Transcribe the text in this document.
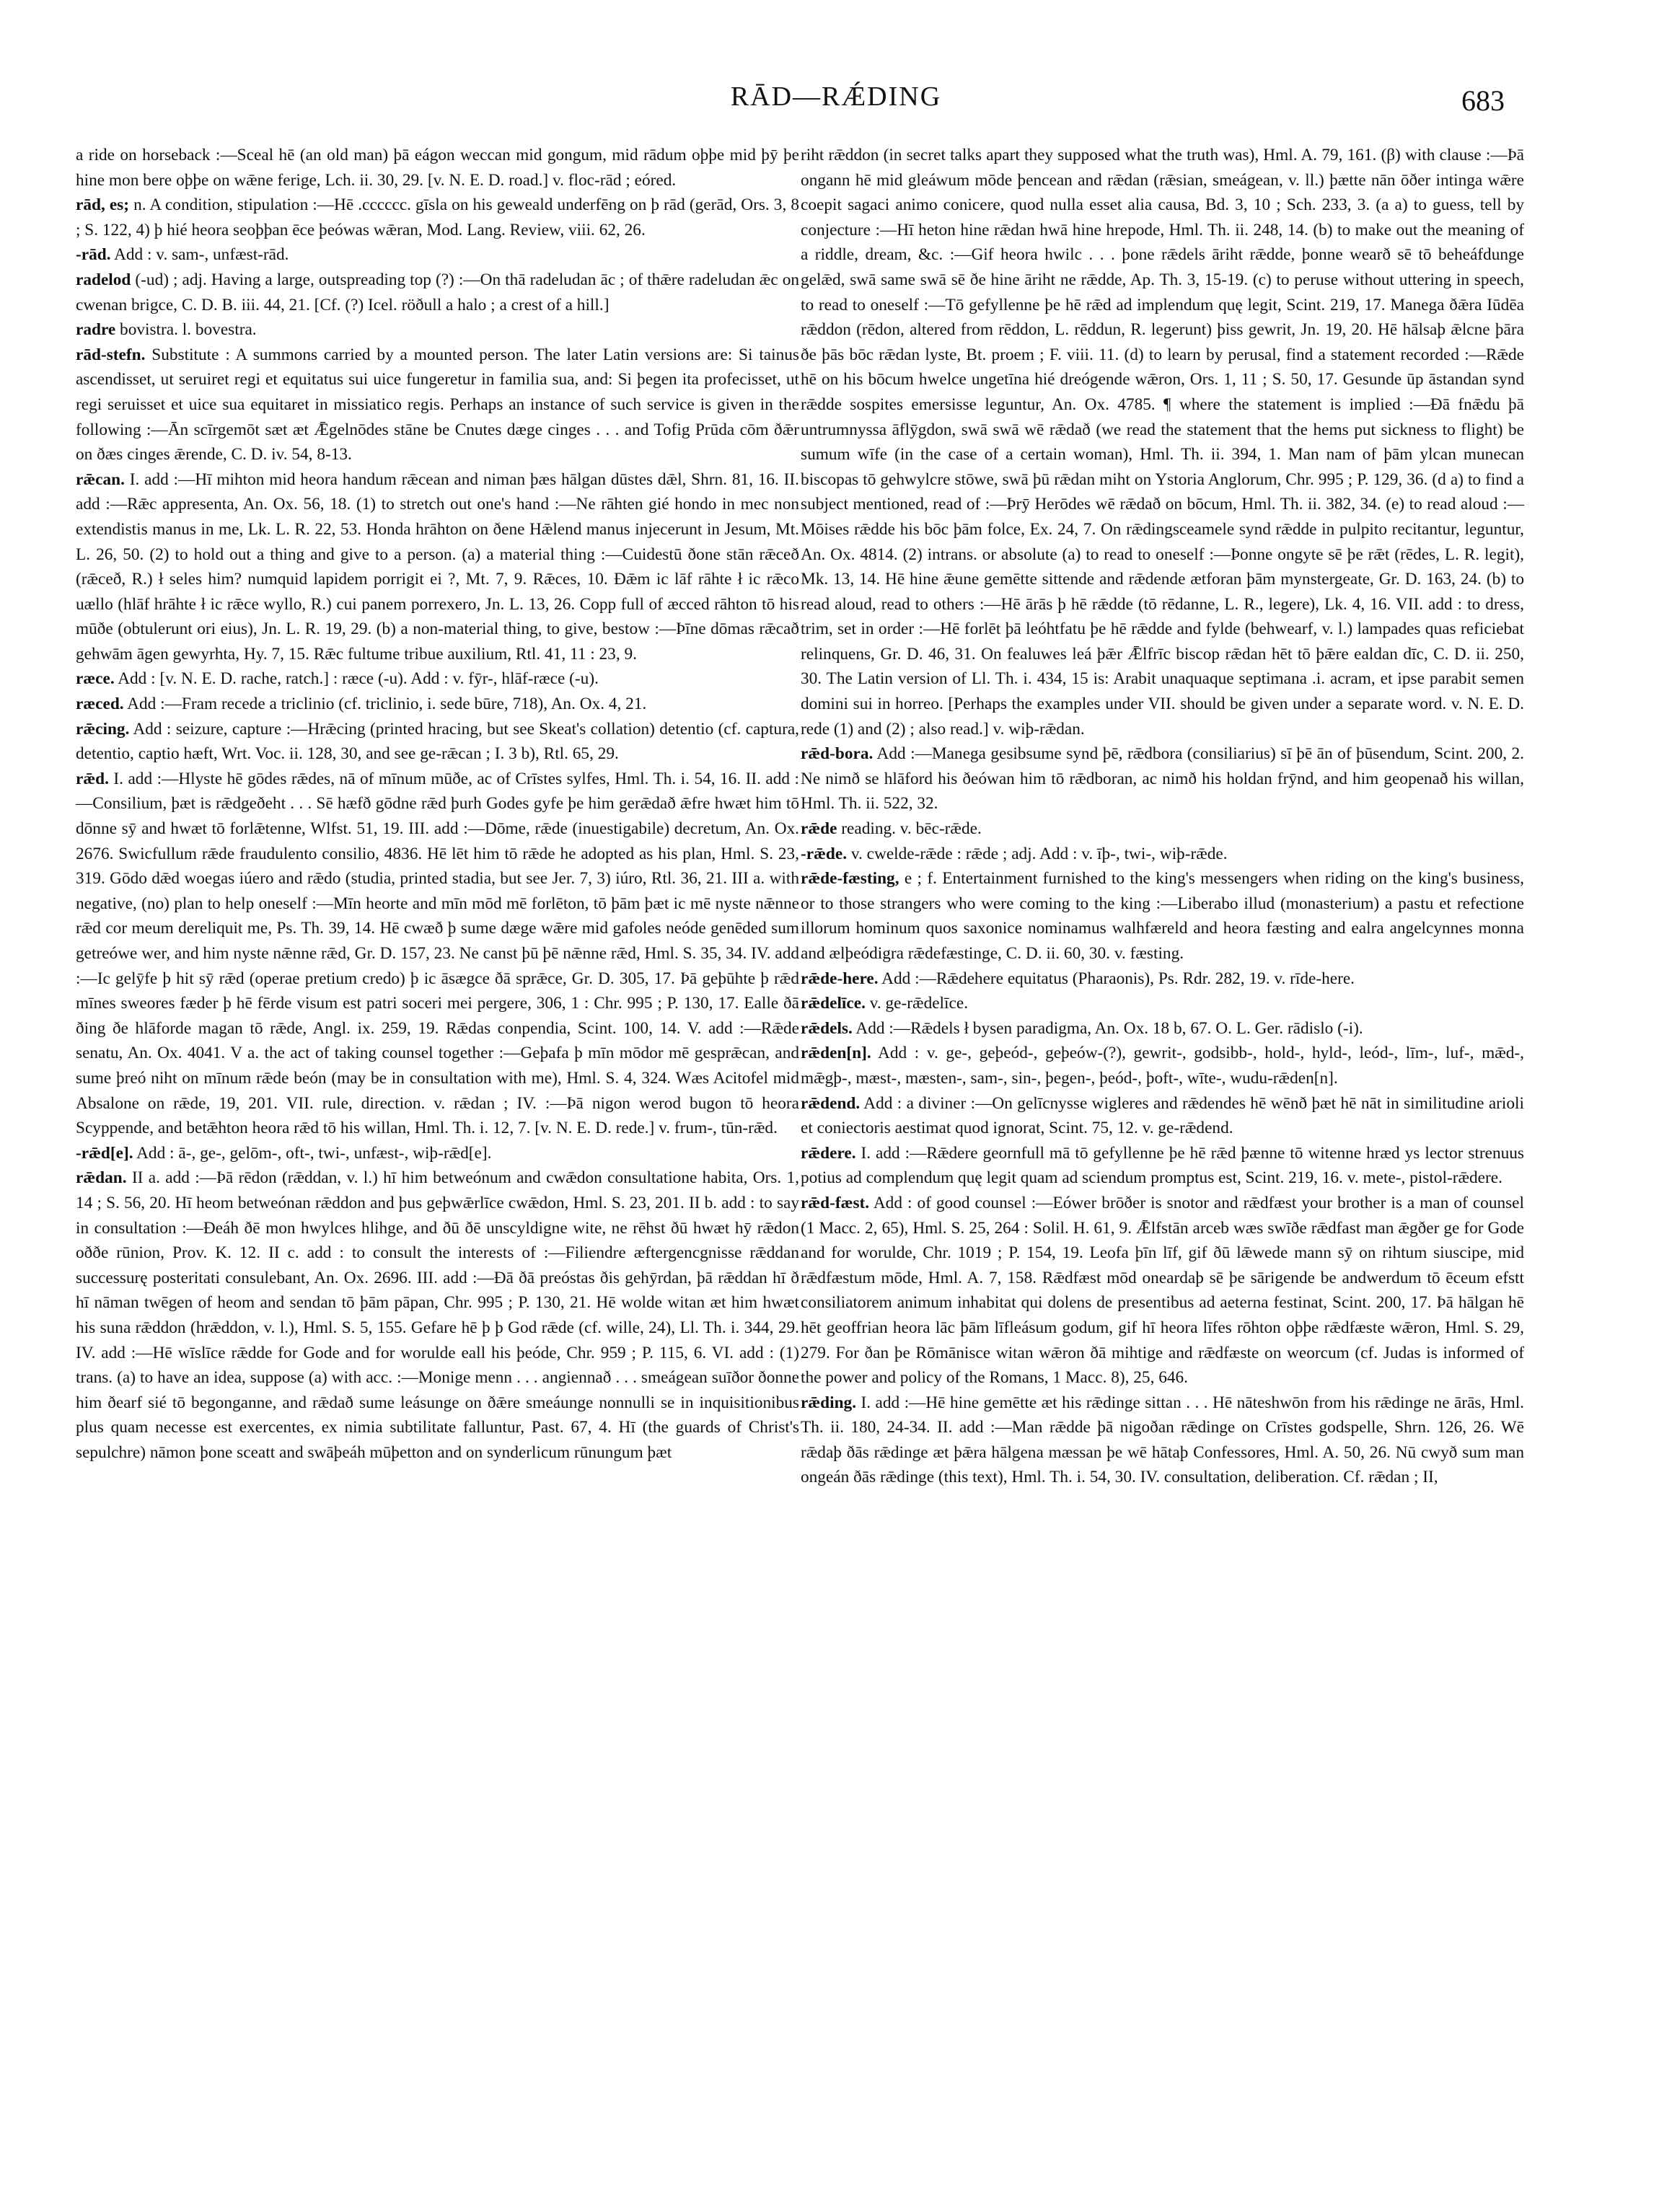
RĀD—RǼDING	683

a ride on horseback :—Sceal hē (an old man) þā eágon weccan mid gongum, mid rādum oþþe mid þȳ þe hine mon bere oþþe on wǣne ferige, Lch. ii. 30, 29. [v. N. E. D. road.] v. floc-rād ; eóred.

rād, es; n. A condition, stipulation :—Hē .cccccc. gīsla on his geweald underfēng on þ rād (gerād, Ors. 3, 8 ; S. 122, 4) þ hié heora seoþþan ēce þeówas wǣran, Mod. Lang. Review, viii. 62, 26.

-rād. Add : v. sam-, unfæst-rād.

radelod (-ud) ; adj. Having a large, outspreading top (?) :—On thā radeludan āc ; of thǣre radeludan ǣc on cwenan brigce, C. D. B. iii. 44, 21. [Cf. (?) Icel. röðull a halo ; a crest of a hill.]

radre bovistra. l. bovestra.

rād-stefn. Substitute : A summons carried by a mounted person. The later Latin versions are: Si tainus ascendisset, ut seruiret regi et equitatus sui uice fungeretur in familia sua, and: Si þegen ita profecisset, ut regi seruisset et uice sua equitaret in missiatico regis. Perhaps an instance of such service is given in the following :—Ān scīrgemōt sæt æt Ǣgelnōdes stāne be Cnutes dæge cinges . . . and Tofig Prūda cōm ðǣr on ðæs cinges ǣrende, C. D. iv. 54, 8-13.

rǣcan. I. add :—Hī mihton mid heora handum rǣcean and niman þæs hālgan dūstes dǣl, Shrn. 81, 16. II. add :—Rǣc appresenta, An. Ox. 56, 18. (1) to stretch out one's hand :—Ne rāhten gié hondo in mec non extendistis manus in me, Lk. L. R. 22, 53. Honda hrāhton on ðene Hǣlend manus injecerunt in Jesum, Mt. L. 26, 50. (2) to hold out a thing and give to a person. (a) a material thing :—Cuidestū ðone stān rǣceð (rǣceð, R.) ł seles him? numquid lapidem porrigit ei ?, Mt. 7, 9. Rǣces, 10. Ðǣm ic lāf rāhte ł ic rǣco uællo (hlāf hrāhte ł ic rǣce wyllo, R.) cui panem porrexero, Jn. L. 13, 26. Copp full of æcced rāhton tō his mūðe (obtulerunt ori eius), Jn. L. R. 19, 29. (b) a non-material thing, to give, bestow :—Þīne dōmas rǣcað gehwām āgen gewyrhta, Hy. 7, 15. Rǣc fultume tribue auxilium, Rtl. 41, 11 : 23, 9.

ræce. Add : [v. N. E. D. rache, ratch.] : ræce (-u). Add : v. fȳr-, hlāf-ræce (-u).

ræced. Add :—Fram recede a triclinio (cf. triclinio, i. sede būre, 718), An. Ox. 4, 21.

rǣcing. Add : seizure, capture :—Hrǣcing (printed hracing, but see Skeat's collation) detentio (cf. captura, detentio, captio hæft, Wrt. Voc. ii. 128, 30, and see ge-rǣcan ; I. 3 b), Rtl. 65, 29.

rǣd. I. add :—Hlyste hē gōdes rǣdes, nā of mīnum mūðe, ac of Crīstes sylfes, Hml. Th. i. 54, 16. II. add :—Consilium, þæt is rǣdgeðeht . . . Sē hæfð gōdne rǣd þurh Godes gyfe þe him gerǣdað ǣfre hwæt him tō dōnne sȳ and hwæt tō forlǣtenne, Wlfst. 51, 19. III. add :—Dōme, rǣde (inuestigabile) decretum, An. Ox. 2676. Swicfullum rǣde fraudulento consilio, 4836. Hē lēt him tō rǣde he adopted as his plan, Hml. S. 23, 319. Gōdo dǣd woegas iúero and rǣdo (studia, printed stadia, but see Jer. 7, 3) iúro, Rtl. 36, 21. III a. with negative, (no) plan to help oneself :—Mīn heorte and mīn mōd mē forlēton, tō þām þæt ic mē nyste nǣnne rǣd cor meum dereliquit me, Ps. Th. 39, 14. Hē cwæð þ sume dæge wǣre mid gafoles neóde genēded sum getreówe wer, and him nyste nǣnne rǣd, Gr. D. 157, 23. Ne canst þū þē nǣnne rǣd, Hml. S. 35, 34. IV. add :—Ic gelȳfe þ hit sȳ rǣd (operae pretium credo) þ ic āsægce ðā sprǣce, Gr. D. 305, 17. Þā geþūhte þ rǣd mīnes sweores fæder þ hē fērde visum est patri soceri mei pergere, 306, 1 : Chr. 995 ; P. 130, 17. Ealle ðā ðing ðe hlāforde magan tō rǣde, Angl. ix. 259, 19. Rǣdas conpendia, Scint. 100, 14. V. add :—Rǣde senatu, An. Ox. 4041. V a. the act of taking counsel together :—Geþafa þ mīn mōdor mē gesprǣcan, and sume þreó niht on mīnum rǣde beón (may be in consultation with me), Hml. S. 4, 324. Wæs Acitofel mid Absalone on rǣde, 19, 201. VII. rule, direction. v. rǣdan ; IV. :—Þā nigon werod bugon tō heora Scyppende, and betǣhton heora rǣd tō his willan, Hml. Th. i. 12, 7. [v. N. E. D. rede.] v. frum-, tūn-rǣd.

-rǣd[e]. Add : ā-, ge-, gelōm-, oft-, twi-, unfæst-, wiþ-rǣd[e].

rǣdan. II a. add :—Þā rēdon (rǣddan, v. l.) hī him betweónum and cwǣdon consultatione habita, Ors. 1, 14 ; S. 56, 20. Hī heom betweónan rǣddon and þus geþwǣrlīce cwǣdon, Hml. S. 23, 201. II b. add : to say in consultation :—Ðeáh ðē mon hwylces hlihge, and ðū ðē unscyldigne wite, ne rēhst ðū hwæt hȳ rǣdon oððe rūnion, Prov. K. 12. II c. add : to consult the interests of :—Filiendre æftergencgnisse rǣddan successurę posteritati consulebant, An. Ox. 2696. III. add :—Ðā ðā preóstas ðis gehȳrdan, þā rǣddan hī ð hī nāman twēgen of heom and sendan tō þām pāpan, Chr. 995 ; P. 130, 21. Hē wolde witan æt him hwæt his suna rǣddon (hrǣddon, v. l.), Hml. S. 5, 155. Gefare hē þ þ God rǣde (cf. wille, 24), Ll. Th. i. 344, 29. IV. add :—Hē wīslīce rǣdde for Gode and for worulde eall his þeóde, Chr. 959 ; P. 115, 6. VI. add : (1) trans. (a) to have an idea, suppose (a) with acc. :—Monige menn . . . angiennað . . . smeágean suīðor ðonne him ðearf sié tō begonganne, and rǣdað sume leásunge on ðǣre smeáunge nonnulli se in inquisitionibus plus quam necesse est exercentes, ex nimia subtilitate falluntur, Past. 67, 4. Hī (the guards of Christ's sepulchre) nāmon þone sceatt and swāþeáh mūþetton and on synderlicum rūnungum þæt

riht rǣddon (in secret talks apart they supposed what the truth was), Hml. A. 79, 161. (β) with clause :—Þā ongann hē mid gleáwum mōde þencean and rǣdan (rǣsian, smeágean, v. ll.) þætte nān ōðer intinga wǣre coepit sagaci animo conicere, quod nulla esset alia causa, Bd. 3, 10 ; Sch. 233, 3. (a a) to guess, tell by conjecture :—Hī heton hine rǣdan hwā hine hrepode, Hml. Th. ii. 248, 14. (b) to make out the meaning of a riddle, dream, &c. :—Gif heora hwilc . . . þone rǣdels āriht rǣdde, þonne wearð sē tō beheáfdunge gelǣd, swā same swā sē ðe hine āriht ne rǣdde, Ap. Th. 3, 15-19. (c) to peruse without uttering in speech, to read to oneself :—Tō gefyllenne þe hē rǣd ad implendum quę legit, Scint. 219, 17. Manega ðǣra Iūdēa rǣddon (rēdon, altered from rēddon, L. rēddun, R. legerunt) þiss gewrit, Jn. 19, 20. Hē hālsaþ ǣlcne þāra ðe þās bōc rǣdan lyste, Bt. proem ; F. viii. 11. (d) to learn by perusal, find a statement recorded :—Rǣde hē on his bōcum hwelce ungetīna hié dreógende wǣron, Ors. 1, 11 ; S. 50, 17. Gesunde ūp āstandan synd rǣdde sospites emersisse leguntur, An. Ox. 4785. ¶ where the statement is implied :—Ðā fnǣdu þā untrumnyssa āflȳgdon, swā swā wē rǣdað (we read the statement that the hems put sickness to flight) be sumum wīfe (in the case of a certain woman), Hml. Th. ii. 394, 1. Man nam of þām ylcan munecan biscopas tō gehwylcre stōwe, swā þū rǣdan miht on Ystoria Anglorum, Chr. 995 ; P. 129, 36. (d a) to find a subject mentioned, read of :—Þrȳ Herōdes wē rǣdað on bōcum, Hml. Th. ii. 382, 34. (e) to read aloud :—Mōises rǣdde his bōc þām folce, Ex. 24, 7. On rǣdingsceamele synd rǣdde in pulpito recitantur, leguntur, An. Ox. 4814. (2) intrans. or absolute (a) to read to oneself :—Þonne ongyte sē þe rǣt (rēdes, L. R. legit), Mk. 13, 14. Hē hine ǣune gemētte sittende and rǣdende ætforan þām mynstergeate, Gr. D. 163, 24. (b) to read aloud, read to others :—Hē ārās þ hē rǣdde (tō rēdanne, L. R., legere), Lk. 4, 16. VII. add : to dress, trim, set in order :—Hē forlēt þā leóhtfatu þe hē rǣdde and fylde (behwearf, v. l.) lampades quas reficiebat relinquens, Gr. D. 46, 31. On fealuwes leá þǣr Ǣlfrīc biscop rǣdan hēt tō þǣre ealdan dīc, C. D. ii. 250, 30. The Latin version of Ll. Th. i. 434, 15 is: Arabit unaquaque septimana .i. acram, et ipse parabit semen domini sui in horreo. [Perhaps the examples under VII. should be given under a separate word. v. N. E. D. rede (1) and (2) ; also read.] v. wiþ-rǣdan.

rǣd-bora. Add :—Manega gesibsume synd þē, rǣdbora (consiliarius) sī þē ān of þūsendum, Scint. 200, 2. Ne nimð se hlāford his ðeówan him tō rǣdboran, ac nimð his holdan frȳnd, and him geopenað his willan, Hml. Th. ii. 522, 32.

rǣde reading. v. bēc-rǣde.

-rǣde. v. cwelde-rǣde : rǣde ; adj. Add : v. īþ-, twi-, wiþ-rǣde.

rǣde-fæsting, e ; f. Entertainment furnished to the king's messengers when riding on the king's business, or to those strangers who were coming to the king :—Liberabo illud (monasterium) a pastu et refectione illorum hominum quos saxonice nominamus walhfæreld and heora fæsting and ealra angelcynnes monna and ælþeódigra rǣdefæstinge, C. D. ii. 60, 30. v. fæsting.

rǣde-here. Add :—Rǣdehere equitatus (Pharaonis), Ps. Rdr. 282, 19. v. rīde-here.

rǣdelīce. v. ge-rǣdelīce.

rǣdels. Add :—Rǣdels ł bysen paradigma, An. Ox. 18 b, 67. O. L. Ger. rādislo (-i).

rǣden[n]. Add : v. ge-, geþeód-, geþeów-(?), gewrit-, godsibb-, hold-, hyld-, leód-, līm-, luf-, mǣd-, mǣgþ-, mæst-, mæsten-, sam-, sin-, þegen-, þeód-, þoft-, wīte-, wudu-rǣden[n].

rǣdend. Add : a diviner :—On gelīcnysse wigleres and rǣdendes hē wēnð þæt hē nāt in similitudine arioli et coniectoris aestimat quod ignorat, Scint. 75, 12. v. ge-rǣdend.

rǣdere. I. add :—Rǣdere geornfull mā tō gefyllenne þe hē rǣd þænne tō witenne hræd ys lector strenuus potius ad complendum quę legit quam ad sciendum promptus est, Scint. 219, 16. v. mete-, pistol-rǣdere.

rǣd-fæst. Add : of good counsel :—Eówer brōðer is snotor and rǣdfæst your brother is a man of counsel (1 Macc. 2, 65), Hml. S. 25, 264 : Solil. H. 61, 9. Ǣlfstān arceb wæs swīðe rǣdfast man ǣgðer ge for Gode and for worulde, Chr. 1019 ; P. 154, 19. Leofa þīn līf, gif ðū lǣwede mann sȳ on rihtum siuscipe, mid rǣdfæstum mōde, Hml. A. 7, 158. Rǣdfæst mōd oneardaþ sē þe sārigende be andwerdum tō ēceum efstt consiliatorem animum inhabitat qui dolens de presentibus ad aeterna festinat, Scint. 200, 17. Þā hālgan hē hēt geoffrian heora lāc þām līfleásum godum, gif hī heora līfes rōhton oþþe rǣdfæste wǣron, Hml. S. 29, 279. For ðan þe Rōmānisce witan wǣron ðā mihtige and rǣdfæste on weorcum (cf. Judas is informed of the power and policy of the Romans, 1 Macc. 8), 25, 646.

rǣding. I. add :—Hē hine gemētte æt his rǣdinge sittan . . . Hē nāteshwōn from his rǣdinge ne ārās, Hml. Th. ii. 180, 24-34. II. add :—Man rǣdde þā nigoðan rǣdinge on Crīstes godspelle, Shrn. 126, 26. Wē rǣdaþ ðās rǣdinge æt þǣra hālgena mæssan þe wē hātaþ Confessores, Hml. A. 50, 26. Nū cwyð sum man ongeán ðās rǣdinge (this text), Hml. Th. i. 54, 30. IV. consultation, deliberation. Cf. rǣdan ; II,
